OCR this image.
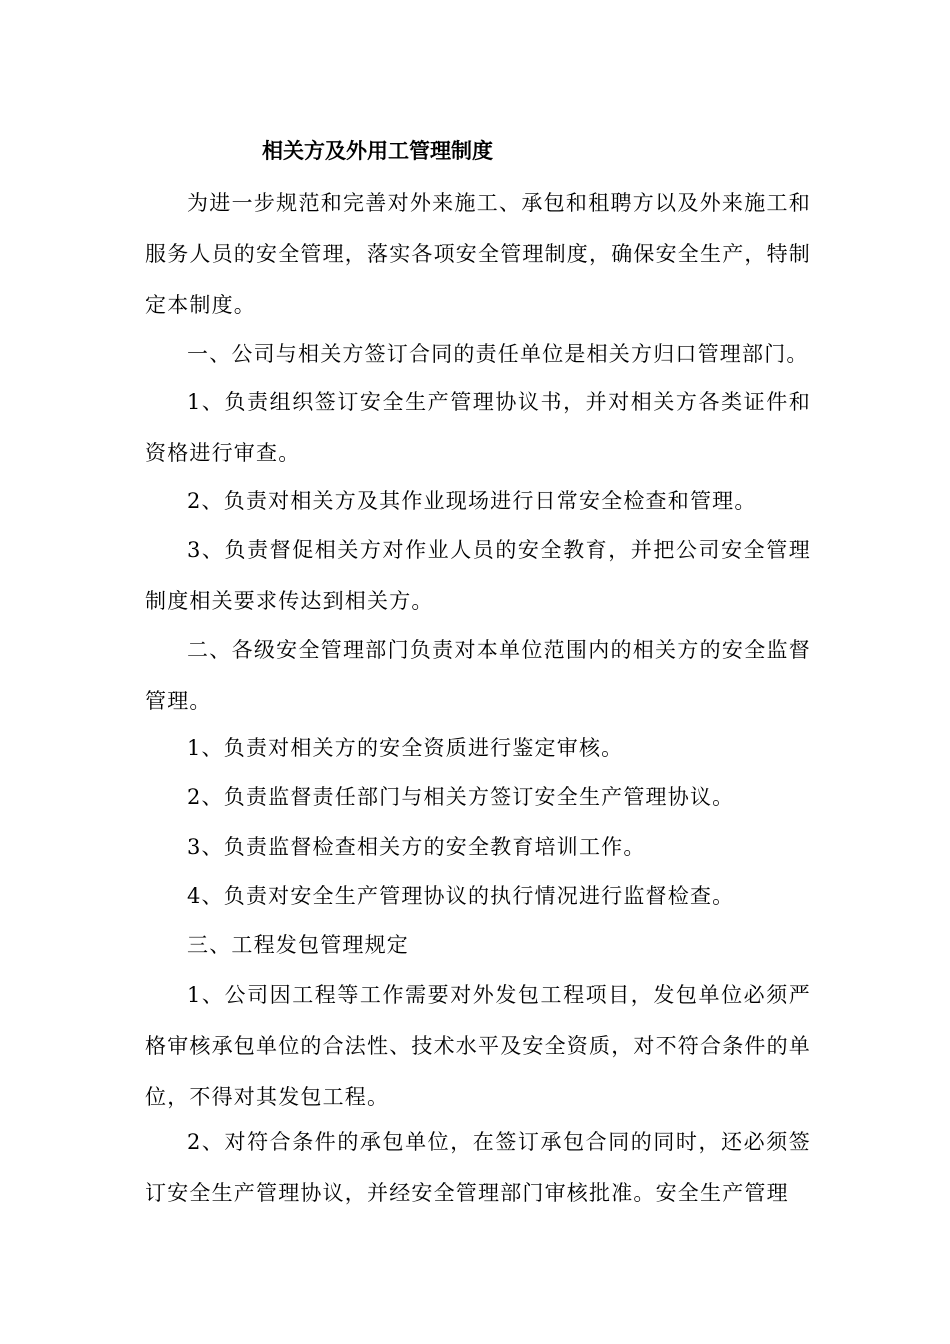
相关方及外用工管理制度

为进一步规范和完善对外来施工、承包和租聘方以及外来施工和服务人员的安全管理，落实各项安全管理制度，确保安全生产，特制定本制度。

一、公司与相关方签订合同的责任单位是相关方归口管理部门。

1、负责组织签订安全生产管理协议书，并对相关方各类证件和资格进行审查。

2、负责对相关方及其作业现场进行日常安全检查和管理。

3、负责督促相关方对作业人员的安全教育，并把公司安全管理制度相关要求传达到相关方。

二、各级安全管理部门负责对本单位范围内的相关方的安全监督管理。

1、负责对相关方的安全资质进行鉴定审核。

2、负责监督责任部门与相关方签订安全生产管理协议。

3、负责监督检查相关方的安全教育培训工作。

4、负责对安全生产管理协议的执行情况进行监督检查。

三、工程发包管理规定

1、公司因工程等工作需要对外发包工程项目，发包单位必须严格审核承包单位的合法性、技术水平及安全资质，对不符合条件的单位，不得对其发包工程。

2、对符合条件的承包单位，在签订承包合同的同时，还必须签订安全生产管理协议，并经安全管理部门审核批准。安全生产管理
